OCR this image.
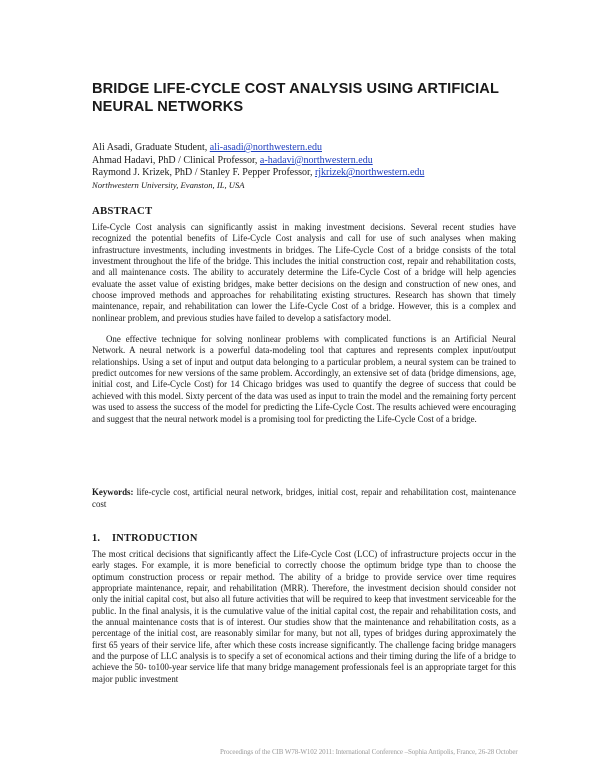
BRIDGE LIFE-CYCLE COST ANALYSIS USING ARTIFICIAL NEURAL NETWORKS
Ali Asadi, Graduate Student, ali-asadi@northwestern.edu
Ahmad Hadavi, PhD / Clinical Professor, a-hadavi@northwestern.edu
Raymond J. Krizek, PhD / Stanley F. Pepper Professor, rjkrizek@northwestern.edu
Northwestern University, Evanston, IL, USA
ABSTRACT

Life-Cycle Cost analysis can significantly assist in making investment decisions. Several recent studies have recognized the potential benefits of Life-Cycle Cost analysis and call for use of such analyses when making infrastructure investments, including investments in bridges. The Life-Cycle Cost of a bridge consists of the total investment throughout the life of the bridge. This includes the initial construction cost, repair and rehabilitation costs, and all maintenance costs. The ability to accurately determine the Life-Cycle Cost of a bridge will help agencies evaluate the asset value of existing bridges, make better decisions on the design and construction of new ones, and choose improved methods and approaches for rehabilitating existing structures. Research has shown that timely maintenance, repair, and rehabilitation can lower the Life-Cycle Cost of a bridge. However, this is a complex and nonlinear problem, and previous studies have failed to develop a satisfactory model.

One effective technique for solving nonlinear problems with complicated functions is an Artificial Neural Network. A neural network is a powerful data-modeling tool that captures and represents complex input/output relationships. Using a set of input and output data belonging to a particular problem, a neural system can be trained to predict outcomes for new versions of the same problem. Accordingly, an extensive set of data (bridge dimensions, age, initial cost, and Life-Cycle Cost) for 14 Chicago bridges was used to quantify the degree of success that could be achieved with this model. Sixty percent of the data was used as input to train the model and the remaining forty percent was used to assess the success of the model for predicting the Life-Cycle Cost. The results achieved were encouraging and suggest that the neural network model is a promising tool for predicting the Life-Cycle Cost of a bridge.

Keywords: life-cycle cost, artificial neural network, bridges, initial cost, repair and rehabilitation cost, maintenance cost
1. INTRODUCTION

The most critical decisions that significantly affect the Life-Cycle Cost (LCC) of infrastructure projects occur in the early stages. For example, it is more beneficial to correctly choose the optimum bridge type than to choose the optimum construction process or repair method. The ability of a bridge to provide service over time requires appropriate maintenance, repair, and rehabilitation (MRR). Therefore, the investment decision should consider not only the initial capital cost, but also all future activities that will be required to keep that investment serviceable for the public. In the final analysis, it is the cumulative value of the initial capital cost, the repair and rehabilitation costs, and the annual maintenance costs that is of interest. Our studies show that the maintenance and rehabilitation costs, as a percentage of the initial cost, are reasonably similar for many, but not all, types of bridges during approximately the first 65 years of their service life, after which these costs increase significantly. The challenge facing bridge managers and the purpose of LLC analysis is to specify a set of economical actions and their timing during the life of a bridge to achieve the 50- to100-year service life that many bridge management professionals feel is an appropriate target for this major public investment

Proceedings of the CIB W78-W102 2011: International Conference –Sophia Antipolis, France, 26-28 October
